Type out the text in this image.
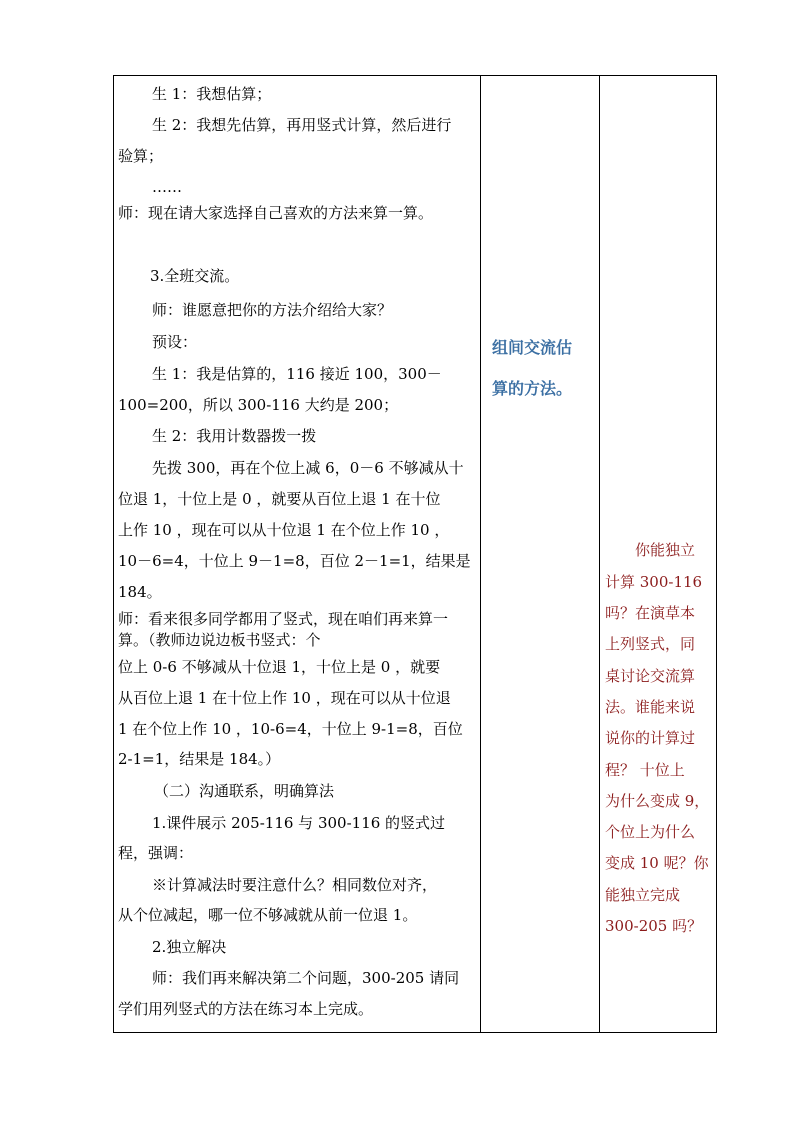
生 1：我想估算；
生 2：我想先估算，再用竖式计算，然后进行
验算；
……
师：现在请大家选择自己喜欢的方法来算一算。
3.全班交流。
师：谁愿意把你的方法介绍给大家？
预设：
生 1：我是估算的，116 接近 100，300－
100=200，所以 300-116 大约是 200；
生 2：我用计数器拨一拨
先拨 300，再在个位上减 6，0－6 不够减从十
位退 1，十位上是 0 ，就要从百位上退 1 在十位
上作 10 ，现在可以从十位退 1 在个位上作 10 ，
10－6=4，十位上 9－1=8，百位 2－1=1，结果是
184。
师：看来很多同学都用了竖式，现在咱们再来算一
算。（教师边说边板书竖式：个
位上 0-6 不够减从十位退 1，十位上是 0 ，就要
从百位上退 1 在十位上作 10 ，现在可以从十位退
1 在个位上作 10 ，10-6=4，十位上 9-1=8，百位
2-1=1，结果是 184。）
（二）沟通联系，明确算法
1.课件展示 205-116 与 300-116 的竖式过
程，强调：
※计算减法时要注意什么？相同数位对齐，
从个位减起，哪一位不够减就从前一位退 1。
2.独立解决
师：我们再来解决第二个问题，300-205 请同
学们用列竖式的方法在练习本上完成。
组间交流估
算的方法。
你能独立
计算 300-116
吗？在演草本
上列竖式，同
桌讨论交流算
法。谁能来说
说你的计算过
程？ 十位上
为什么变成 9，
个位上为什么
变成 10 呢？你
能独立完成
300-205 吗？
